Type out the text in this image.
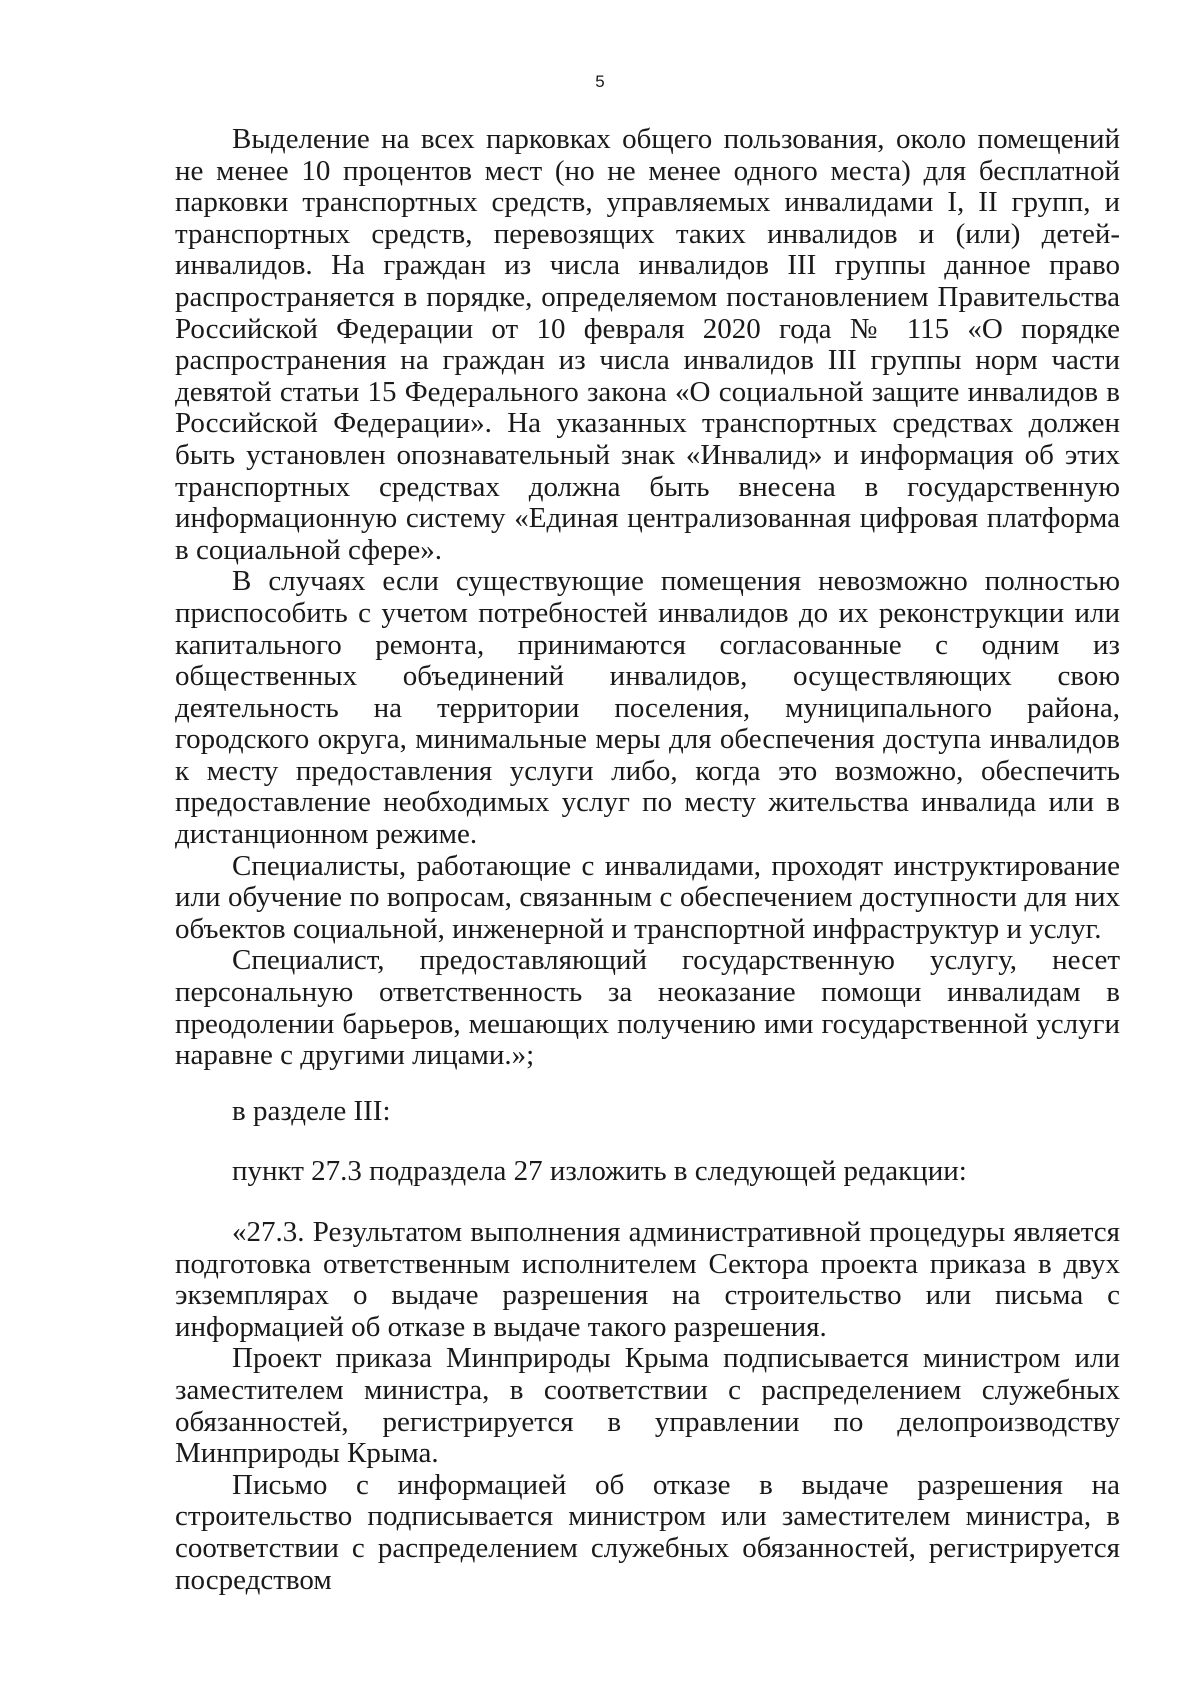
5

Выделение на всех парковках общего пользования, около помещений не менее 10 процентов мест (но не менее одного места) для бесплатной парковки транспортных средств, управляемых инвалидами I, II групп, и транспортных средств, перевозящих таких инвалидов и (или) детей-инвалидов. На граждан из числа инвалидов III группы данное право распространяется в порядке, определяемом постановлением Правительства Российской Федерации от 10 февраля 2020 года № 115 «О порядке распространения на граждан из числа инвалидов III группы норм части девятой статьи 15 Федерального закона «О социальной защите инвалидов в Российской Федерации». На указанных транспортных средствах должен быть установлен опознавательный знак «Инвалид» и информация об этих транспортных средствах должна быть внесена в государственную информационную систему «Единая централизованная цифровая платформа в социальной сфере».

В случаях если существующие помещения невозможно полностью приспособить с учетом потребностей инвалидов до их реконструкции или капитального ремонта, принимаются согласованные с одним из общественных объединений инвалидов, осуществляющих свою деятельность на территории поселения, муниципального района, городского округа, минимальные меры для обеспечения доступа инвалидов к месту предоставления услуги либо, когда это возможно, обеспечить предоставление необходимых услуг по месту жительства инвалида или в дистанционном режиме.

Специалисты, работающие с инвалидами, проходят инструктирование или обучение по вопросам, связанным с обеспечением доступности для них объектов социальной, инженерной и транспортной инфраструктур и услуг.

Специалист, предоставляющий государственную услугу, несет персональную ответственность за неоказание помощи инвалидам в преодолении барьеров, мешающих получению ими государственной услуги наравне с другими лицами.»;

в разделе III:

пункт 27.3 подраздела 27 изложить в следующей редакции:

«27.3. Результатом выполнения административной процедуры является подготовка ответственным исполнителем Сектора проекта приказа в двух экземплярах о выдаче разрешения на строительство или письма с информацией об отказе в выдаче такого разрешения.

Проект приказа Минприроды Крыма подписывается министром или заместителем министра, в соответствии с распределением служебных обязанностей, регистрируется в управлении по делопроизводству Минприроды Крыма.

Письмо с информацией об отказе в выдаче разрешения на строительство подписывается министром или заместителем министра, в соответствии с распределением служебных обязанностей, регистрируется посредством
